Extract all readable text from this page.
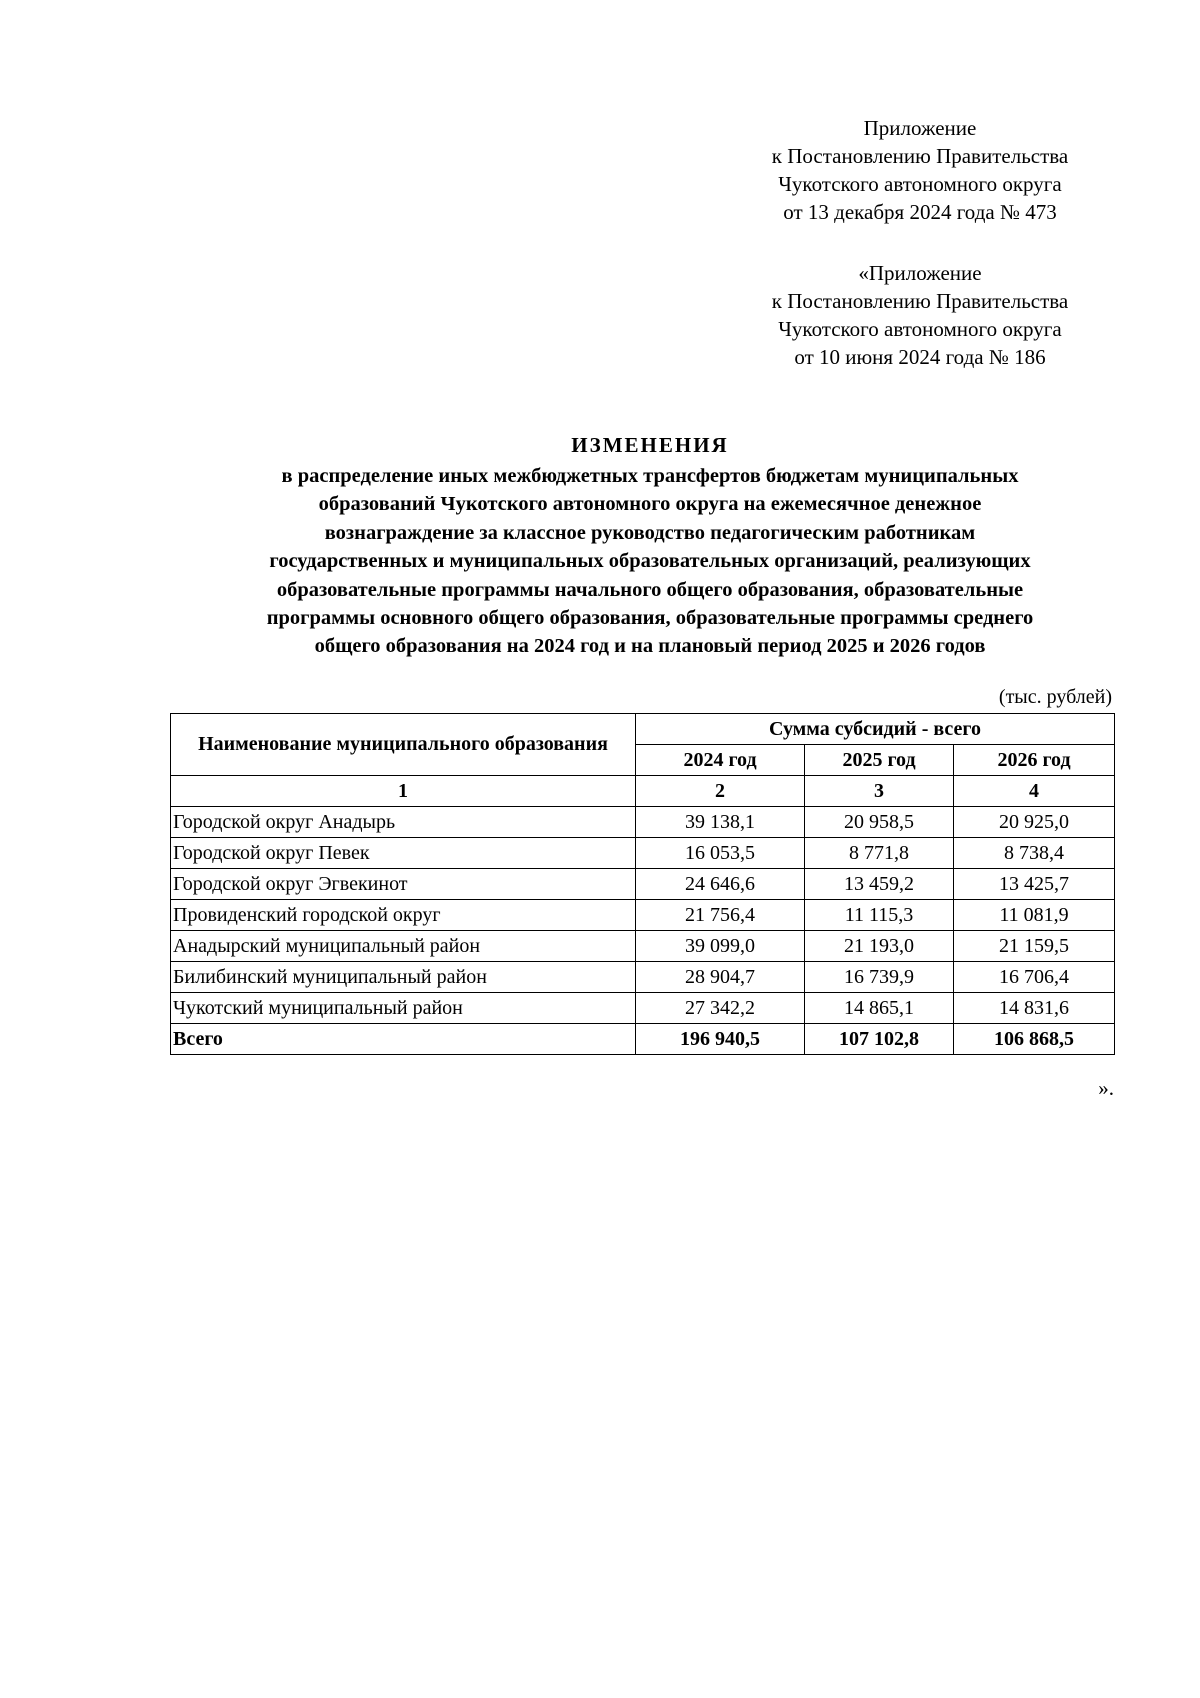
Приложение
к Постановлению Правительства
Чукотского автономного округа
от 13 декабря 2024 года № 473
«Приложение
к Постановлению Правительства
Чукотского автономного округа
от 10 июня 2024 года № 186
ИЗМЕНЕНИЯ
в распределение иных межбюджетных трансфертов бюджетам муниципальных
образований Чукотского автономного округа на ежемесячное денежное
вознаграждение за классное руководство педагогическим работникам
государственных и муниципальных образовательных организаций, реализующих
образовательные программы начального общего образования, образовательные
программы основного общего образования, образовательные программы среднего
общего образования на 2024 год и на плановый период 2025 и 2026 годов
(тыс. рублей)
Наименование муниципального образования	Сумма субсидий - всего		
	2024 год	2025 год	2026 год
1	2	3	4
Городской округ Анадырь	39 138,1	20 958,5	20 925,0
Городской округ Певек	16 053,5	8 771,8	8 738,4
Городской округ Эгвекинот	24 646,6	13 459,2	13 425,7
Провиденский городской округ	21 756,4	11 115,3	11 081,9
Анадырский муниципальный район	39 099,0	21 193,0	21 159,5
Билибинский муниципальный район	28 904,7	16 739,9	16 706,4
Чукотский муниципальный район	27 342,2	14 865,1	14 831,6
Всего	196 940,5	107 102,8	106 868,5
».
